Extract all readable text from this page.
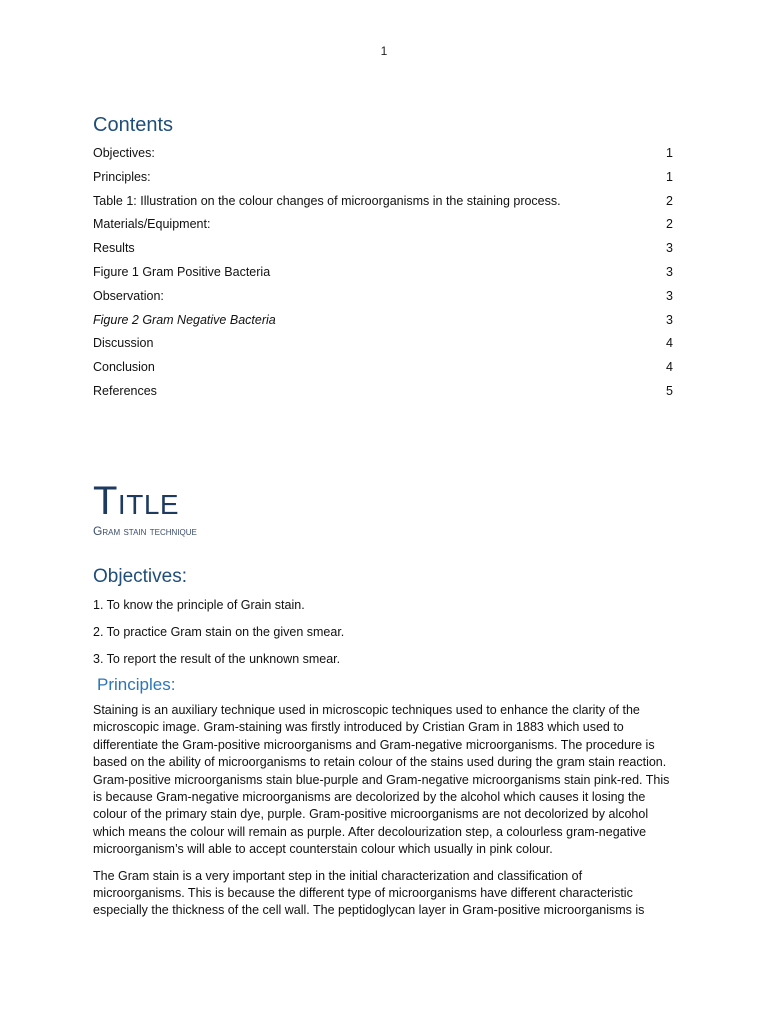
1
Contents
Objectives:	1
Principles:	1
Table 1: Illustration on the colour changes of microorganisms in the staining process.	2
Materials/Equipment:	2
Results	3
Figure 1 Gram Positive Bacteria	3
Observation:	3
Figure 2 Gram Negative Bacteria	3
Discussion	4
Conclusion	4
References	5
Title
Gram stain technique
Objectives:
1. To know the principle of Grain stain.
2. To practice Gram stain on the given smear.
3. To report the result of the unknown smear.
Principles:

Staining is an auxiliary technique used in microscopic techniques used to enhance the clarity of the microscopic image. Gram-staining was firstly introduced by Cristian Gram in 1883 which used to differentiate the Gram-positive microorganisms and Gram-negative microorganisms. The procedure is based on the ability of microorganisms to retain colour of the stains used during the gram stain reaction. Gram-positive microorganisms stain blue-purple and Gram-negative microorganisms stain pink-red. This is because Gram-negative microorganisms are decolorized by the alcohol which causes it losing the colour of the primary stain dye, purple. Gram-positive microorganisms are not decolorized by alcohol which means the colour will remain as purple. After decolourization step, a colourless gram-negative microorganism’s will able to accept counterstain colour which usually in pink colour.

The Gram stain is a very important step in the initial characterization and classification of microorganisms. This is because the different type of microorganisms have different characteristic especially the thickness of the cell wall. The peptidoglycan layer in Gram-positive microorganisms is
